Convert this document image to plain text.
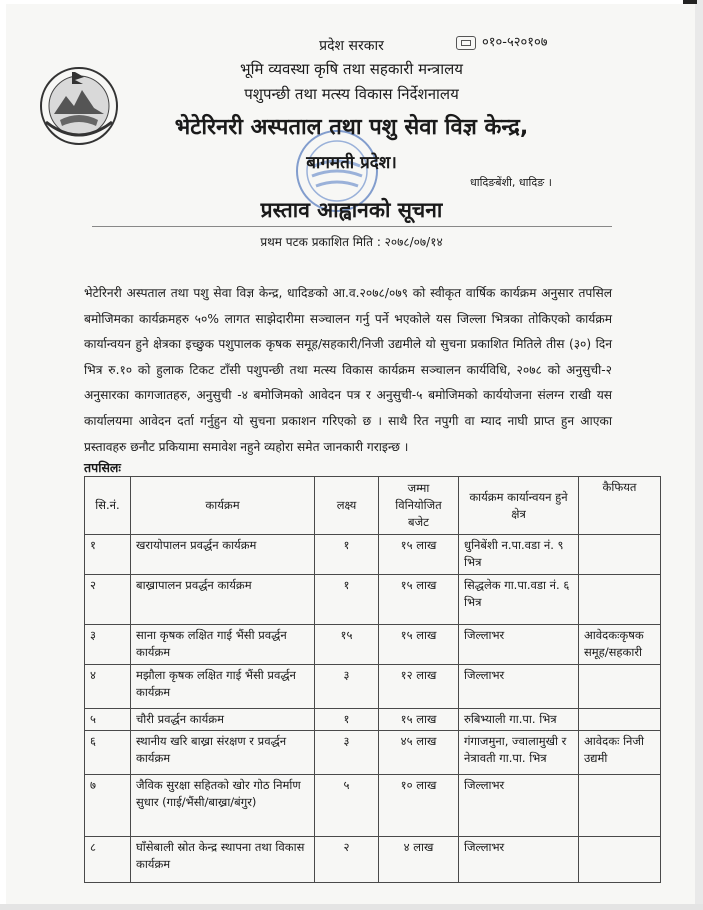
०१०-५२०१०७
प्रदेश सरकार
भूमि व्यवस्था कृषि तथा सहकारी मन्त्रालय
पशुपन्छी तथा मत्स्य विकास निर्देशनालय
भेटेरिनरी अस्पताल तथा पशु सेवा विज्ञ केन्द्र,
बागमती प्रदेश।
धादिङबेंशी, धादिङ ।
प्रस्ताव आह्वानको सूचना
प्रथम पटक प्रकाशित मिति : २०७८/०७/१४
भेटेरिनरी अस्पताल तथा पशु सेवा विज्ञ केन्द्र, धादिङको आ.व.२०७८/०७९ को स्वीकृत वार्षिक कार्यक्रम अनुसार तपसिल बमोजिमका कार्यक्रमहरु ५०% लागत साझेदारीमा सञ्चालन गर्नु पर्ने भएकोले यस जिल्ला भित्रका तोकिएको कार्यक्रम कार्यान्वयन हुने क्षेत्रका इच्छुक पशुपालक कृषक समूह/सहकारी/निजी उद्यमीले यो सुचना प्रकाशित मितिले तीस (३०) दिन भित्र रु.१० को हुलाक टिकट टाँसी पशुपन्छी तथा मत्स्य विकास कार्यक्रम सञ्चालन कार्यविधि, २०७८ को अनुसुची-२ अनुसारका कागजातहरु, अनुसुची -४ बमोजिमको आवेदन पत्र र अनुसुची-५ बमोजिमको कार्ययोजना संलग्न राखी यस कार्यालयमा आवेदन दर्ता गर्नुहुन यो सुचना प्रकाशन गरिएको छ । साथै रित नपुगी वा म्याद नाघी प्राप्त हुन आएका प्रस्तावहरु छनौट प्रकियामा समावेश नहुने व्यहोरा समेत जानकारी गराइन्छ ।
तपसिलः
सि.नं.	कार्यक्रम	लक्ष्य	जम्मा विनियोजित बजेट	कार्यक्रम कार्यान्वयन हुने क्षेत्र	कैफियत
१	खरायोपालन प्रवर्द्धन कार्यक्रम	१	१५ लाख	धुनिबेंशी न.पा.वडा नं. ९ भित्र	
२	बाख्रापालन प्रवर्द्धन कार्यक्रम	१	१५ लाख	सिद्धलेक गा.पा.वडा नं. ६ भित्र	
३	साना कृषक लक्षित गाई भैंसी प्रवर्द्धन कार्यक्रम	१५	१५ लाख	जिल्लाभर	आवेदकःकृषक समूह/सहकारी
४	मझौला कृषक लक्षित गाई भैंसी प्रवर्द्धन कार्यक्रम	३	१२ लाख	जिल्लाभर	
५	चौरी प्रवर्द्धन कार्यक्रम	१	१५ लाख	रुबिभ्याली गा.पा. भित्र	
६	स्थानीय खरि बाख्रा संरक्षण र प्रवर्द्धन कार्यक्रम	३	४५ लाख	गंगाजमुना, ज्वालामुखी र नेत्रावती गा.पा. भित्र	आवेदकः निजी उद्यमी
७	जैविक सुरक्षा सहितको खोर गोठ निर्माण सुधार (गाई/भैंसी/बाख्रा/बंगुर)	५	१० लाख	जिल्लाभर	
८	घाँसेबाली स्रोत केन्द्र स्थापना तथा विकास कार्यक्रम	२	४ लाख	जिल्लाभर	
